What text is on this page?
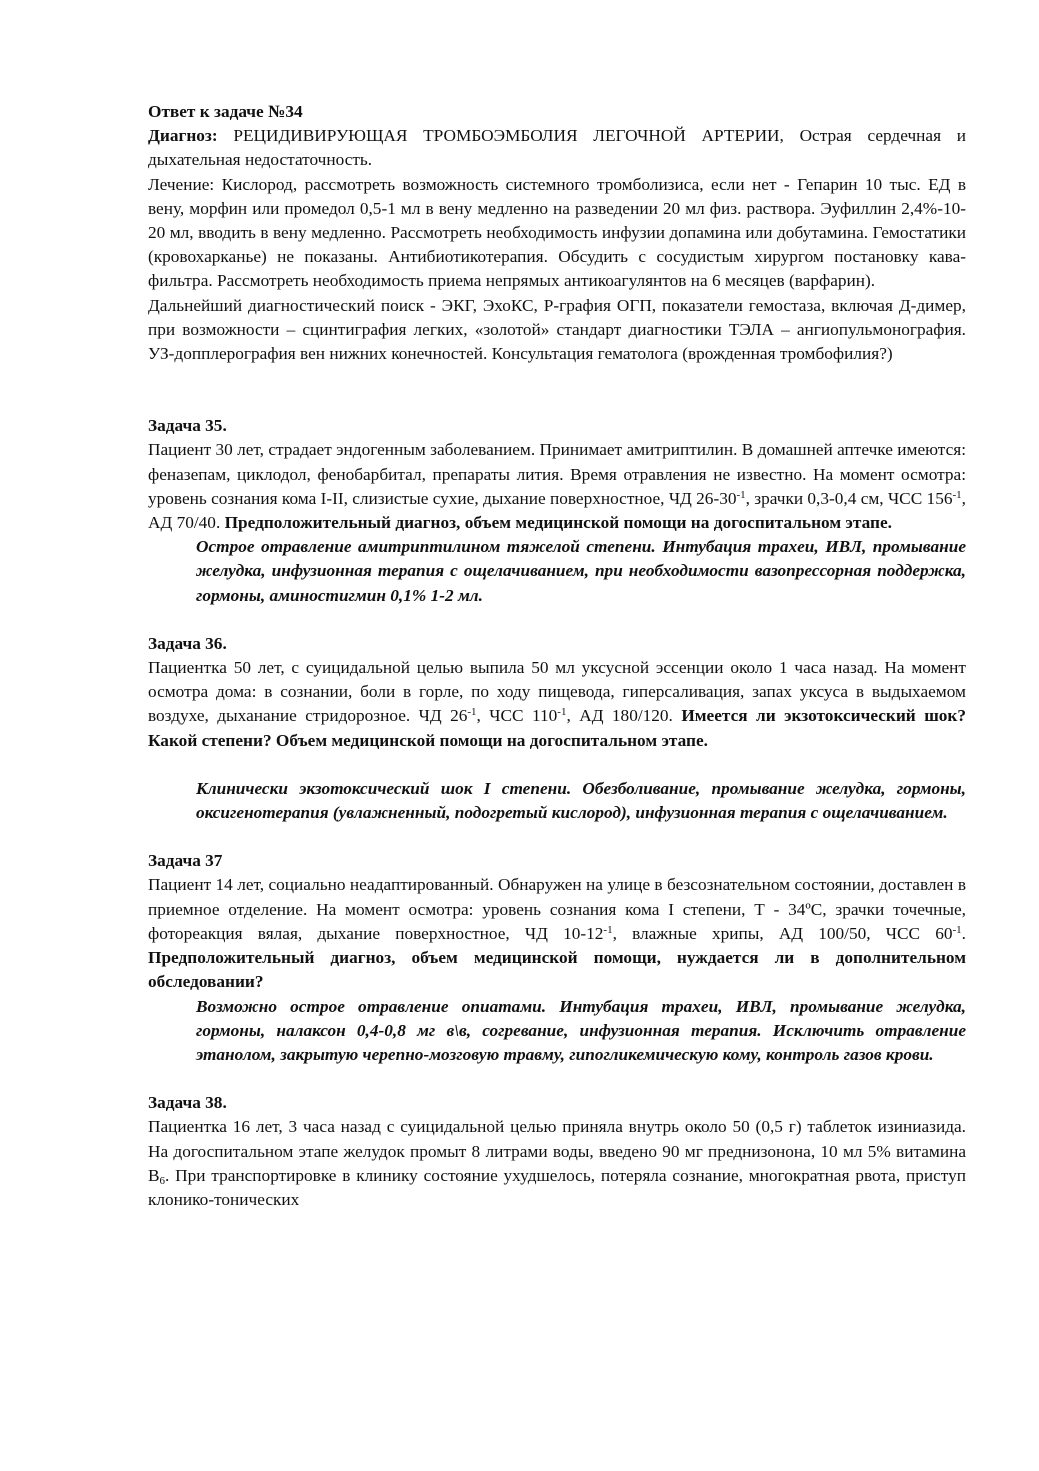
Ответ к задаче №34
Диагноз: РЕЦИДИВИРУЮЩАЯ ТРОМБОЭМБОЛИЯ ЛЕГОЧНОЙ АРТЕРИИ, Острая сердечная и дыхательная недостаточность.

Лечение: Кислород, рассмотреть возможность системного тромболизиса, если нет - Гепарин 10 тыс. ЕД в вену, морфин или промедол 0,5-1 мл в вену медленно на разведении 20 мл физ. раствора. Эуфиллин 2,4%-10-20 мл, вводить в вену медленно. Рассмотреть необходимость инфузии допамина или добутамина. Гемостатики (кровохарканье) не показаны. Антибиотикотерапия. Обсудить с сосудистым хирургом постановку кава-фильтра. Рассмотреть необходимость приема непрямых антикоагулянтов на 6 месяцев (варфарин).

Дальнейший диагностический поиск - ЭКГ, ЭхоКС, Р-графия ОГП, показатели гемостаза, включая Д-димер, при возможности – сцинтиграфия легких, «золотой» стандарт диагностики ТЭЛА – ангиопульмонография. УЗ-допплерография вен нижних конечностей. Консультация гематолога (врожденная тромбофилия?)

Задача 35.

Пациент 30 лет, страдает эндогенным заболеванием. Принимает амитриптилин. В домашней аптечке имеются: феназепам, циклодол, фенобарбитал, препараты лития. Время отравления не известно. На момент осмотра: уровень сознания кома I-II, слизистые сухие, дыхание поверхностное, ЧД $26-30^{-1}$, зрачки 0,3-0,4 см, ЧСС $156^{-1}$, АД 70/40. Предположительный диагноз, объем медицинской помощи на догоспитальном этапе.

Острое отравление амитриптилином тяжелой степени. Интубация трахеи, ИВЛ, промывание желудка, инфузионная терапия с ощелачиванием, при необходимости вазопрессорная поддержка, гормоны, аминостигмин 0,1% 1-2 мл.

Задача 36.

Пациентка 50 лет, с суицидальной целью выпила 50 мл уксусной эссенции около 1 часа назад. На момент осмотра дома: в сознании, боли в горле, по ходу пищевода, гиперсаливация, запах уксуса в выдыхаемом воздухе, дыханание стридорозное. ЧД $26^{-1}$, ЧСС $110^{-1}$, АД 180/120. Имеется ли экзотоксический шок? Какой степени? Объем медицинской помощи на догоспитальном этапе.

Клинически экзотоксический шок I степени. Обезболивание, промывание желудка, гормоны, оксигенотерапия (увлажненный, подогретый кислород), инфузионная терапия с ощелачиванием.

Задача 37

Пациент 14 лет, социально неадаптированный. Обнаружен на улице в безсознательном состоянии, доставлен в приемное отделение. На момент осмотра: уровень сознания кома I степени, Т - 34ºС, зрачки точечные, фотореакция вялая, дыхание поверхностное, ЧД $10-12^{-1}$, влажные хрипы, АД 100/50, ЧСС $60^{-1}$. Предположительный диагноз, объем медицинской помощи, нуждается ли в дополнительном обследовании?

Возможно острое отравление опиатами. Интубация трахеи, ИВЛ, промывание желудка, гормоны, налаксон 0,4-0,8 мг в\в, согревание, инфузионная терапия. Исключить отравление этанолом, закрытую черепно-мозговую травму, гипогликемическую кому, контроль газов крови.

Задача 38.

Пациентка 16 лет, 3 часа назад с суицидальной целью приняла внутрь около 50 (0,5 г) таблеток изиниазида. На догоспитальном этапе желудок промыт 8 литрами воды, введено 90 мг преднизонона, 10 мл 5% витамина $В_6$. При транспортировке в клинику состояние ухудшелось, потеряла сознание, многократная рвота, приступ клонико-тонических
